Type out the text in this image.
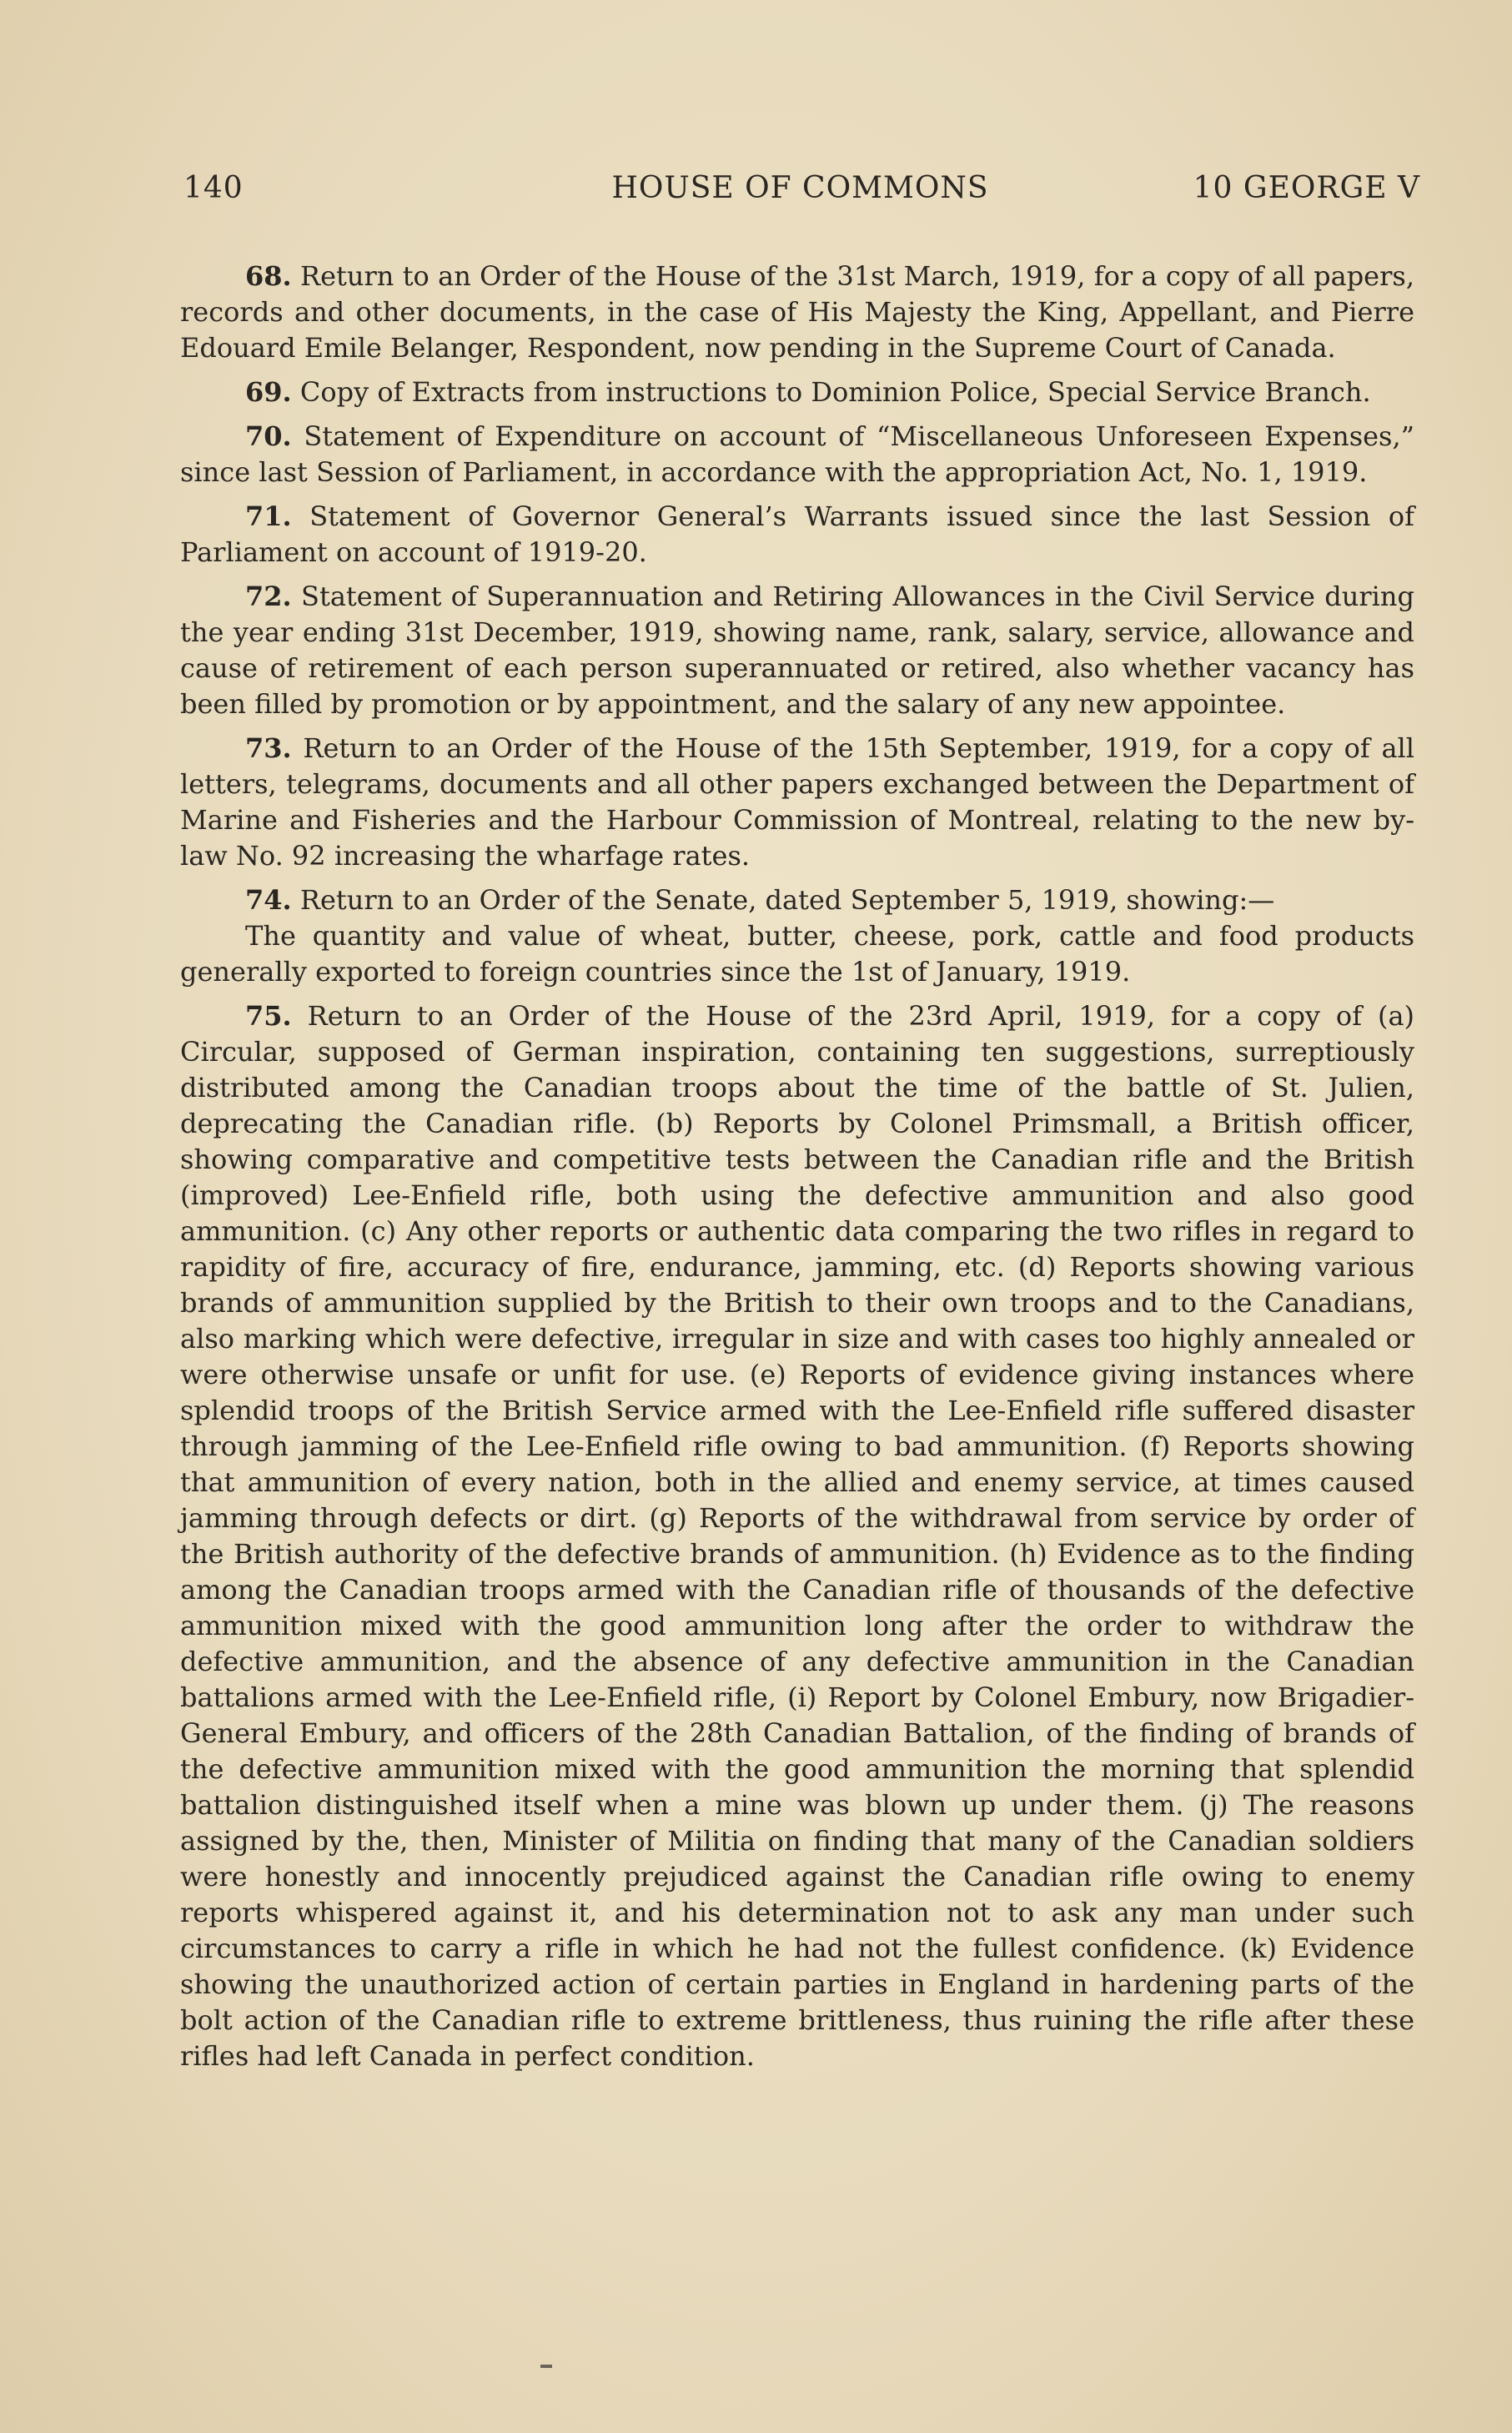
140	HOUSE OF COMMONS	10 GEORGE V

68. Return to an Order of the House of the 31st March, 1919, for a copy of all papers, records and other documents, in the case of His Majesty the King, Appellant, and Pierre Edouard Emile Belanger, Respondent, now pending in the Supreme Court of Canada.

69. Copy of Extracts from instructions to Dominion Police, Special Service Branch.

70. Statement of Expenditure on account of “Miscellaneous Unforeseen Expenses,” since last Session of Parliament, in accordance with the appropriation Act, No. 1, 1919.

71. Statement of Governor General’s Warrants issued since the last Session of Parliament on account of 1919-20.

72. Statement of Superannuation and Retiring Allowances in the Civil Service during the year ending 31st December, 1919, showing name, rank, salary, service, allowance and cause of retirement of each person superannuated or retired, also whether vacancy has been filled by promotion or by appointment, and the salary of any new appointee.

73. Return to an Order of the House of the 15th September, 1919, for a copy of all letters, telegrams, documents and all other papers exchanged between the Department of Marine and Fisheries and the Harbour Commission of Montreal, relating to the new by-law No. 92 increasing the wharfage rates.

74. Return to an Order of the Senate, dated September 5, 1919, showing:—

The quantity and value of wheat, butter, cheese, pork, cattle and food products generally exported to foreign countries since the 1st of January, 1919.

75. Return to an Order of the House of the 23rd April, 1919, for a copy of (a) Circular, supposed of German inspiration, containing ten suggestions, surreptiously distributed among the Canadian troops about the time of the battle of St. Julien, deprecating the Canadian rifle. (b) Reports by Colonel Primsmall, a British officer, showing comparative and competitive tests between the Canadian rifle and the British (improved) Lee-Enfield rifle, both using the defective ammunition and also good ammunition. (c) Any other reports or authentic data comparing the two rifles in regard to rapidity of fire, accuracy of fire, endurance, jamming, etc. (d) Reports showing various brands of ammunition supplied by the British to their own troops and to the Canadians, also marking which were defective, irregular in size and with cases too highly annealed or were otherwise unsafe or unfit for use. (e) Reports of evidence giving instances where splendid troops of the British Service armed with the Lee-Enfield rifle suffered disaster through jamming of the Lee-Enfield rifle owing to bad ammunition. (f) Reports showing that ammunition of every nation, both in the allied and enemy service, at times caused jamming through defects or dirt. (g) Reports of the withdrawal from service by order of the British authority of the defective brands of ammunition. (h) Evidence as to the finding among the Canadian troops armed with the Canadian rifle of thousands of the defective ammunition mixed with the good ammunition long after the order to withdraw the defective ammunition, and the absence of any defective ammunition in the Canadian battalions armed with the Lee-Enfield rifle, (i) Report by Colonel Embury, now Brigadier-General Embury, and officers of the 28th Canadian Battalion, of the finding of brands of the defective ammunition mixed with the good ammunition the morning that splendid battalion distinguished itself when a mine was blown up under them. (j) The reasons assigned by the, then, Minister of Militia on finding that many of the Canadian soldiers were honestly and innocently prejudiced against the Canadian rifle owing to enemy reports whispered against it, and his determination not to ask any man under such circumstances to carry a rifle in which he had not the fullest confidence. (k) Evidence showing the unauthorized action of certain parties in England in hardening parts of the bolt action of the Canadian rifle to extreme brittleness, thus ruining the rifle after these rifles had left Canada in perfect condition.
